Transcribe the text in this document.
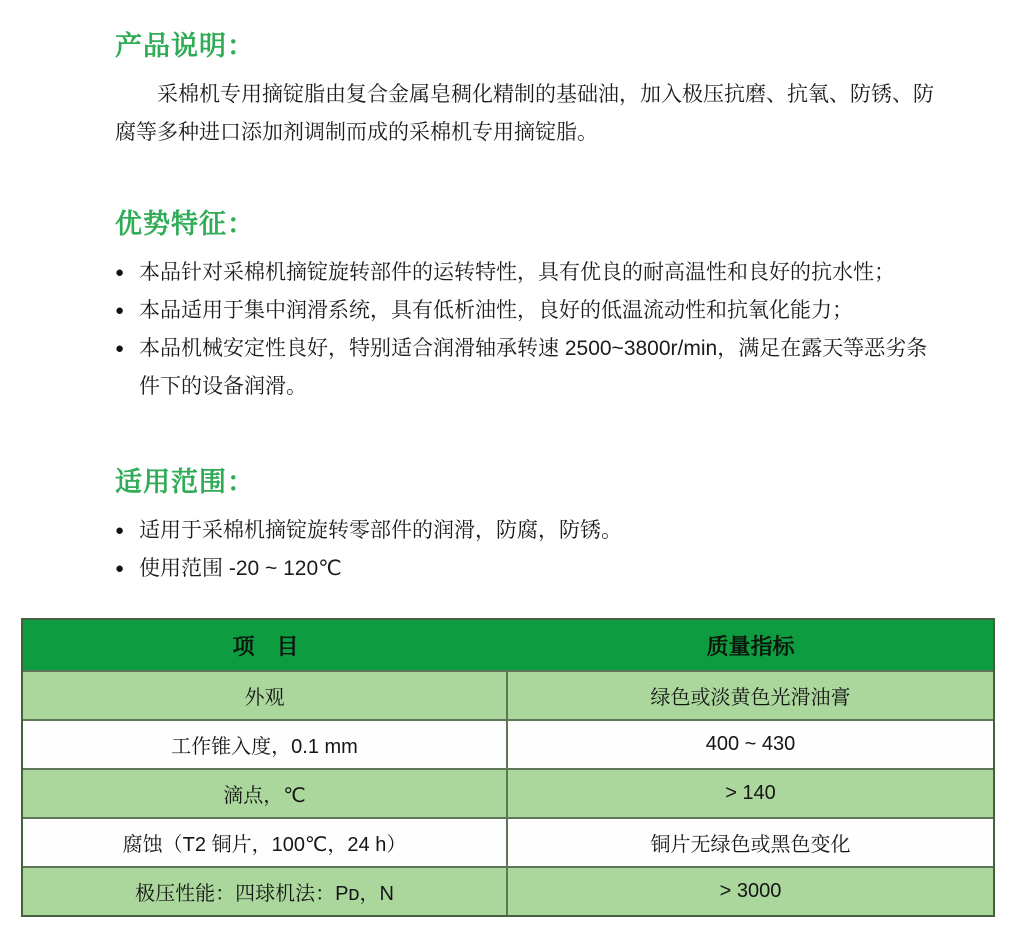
产品说明：

采棉机专用摘锭脂由复合金属皂稠化精制的基础油，加入极压抗磨、抗氧、防锈、防腐等多种进口添加剂调制而成的采棉机专用摘锭脂。

优势特征：
● 本品针对采棉机摘锭旋转部件的运转特性，具有优良的耐高温性和良好的抗水性；
● 本品适用于集中润滑系统，具有低析油性，良好的低温流动性和抗氧化能力；
● 本品机械安定性良好，特别适合润滑轴承转速 2500~3800r/min，满足在露天等恶劣条件下的设备润滑。
适用范围：
● 适用于采棉机摘锭旋转零部件的润滑，防腐，防锈。
● 使用范围 -20 ~ 120℃
项　目	质量指标
外观	绿色或淡黄色光滑油膏
工作锥入度，0.1 mm	400 ~ 430
滴点，℃	> 140
腐蚀（T2 铜片，100℃，24 h）	铜片无绿色或黑色变化
极压性能：四球机法：Pᴅ，N	> 3000
